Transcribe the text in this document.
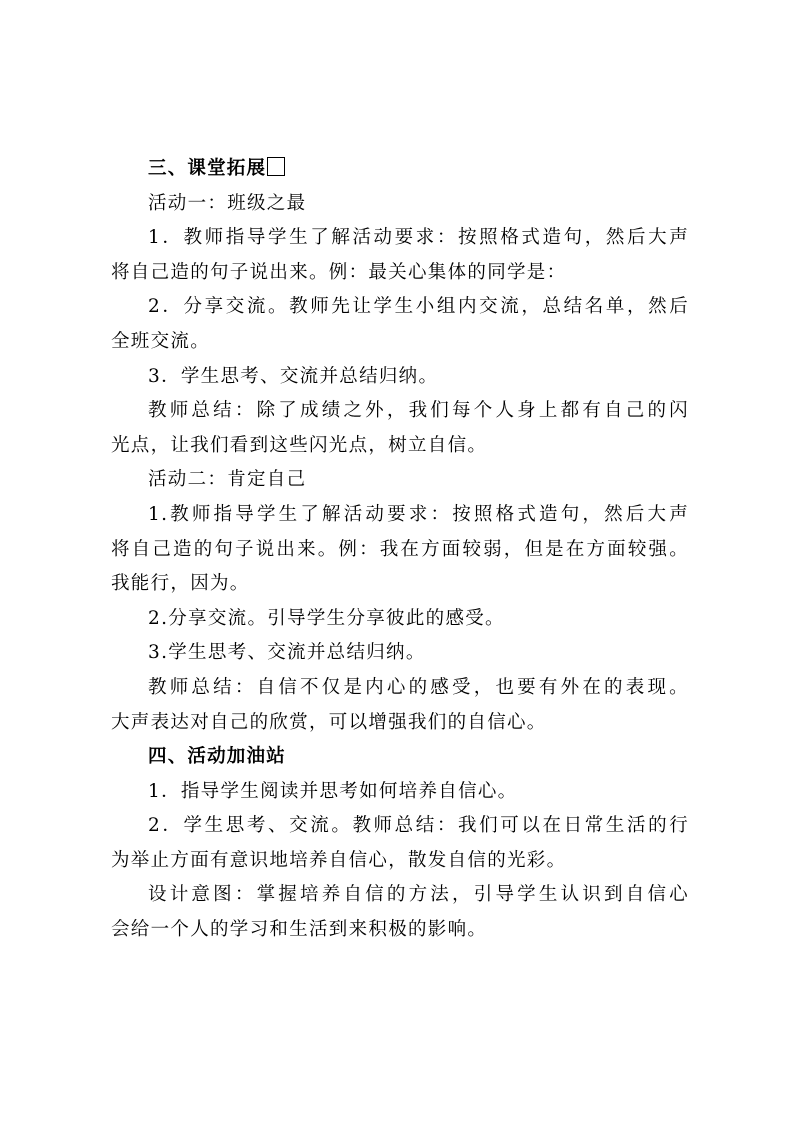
三、课堂拓展

活动一：班级之最

1．教师指导学生了解活动要求：按照格式造句，然后大声

将自己造的句子说出来。例：最关心集体的同学是：

2．分享交流。教师先让学生小组内交流，总结名单，然后

全班交流。

3．学生思考、交流并总结归纳。

教师总结：除了成绩之外，我们每个人身上都有自己的闪

光点，让我们看到这些闪光点，树立自信。

活动二：肯定自己

1.教师指导学生了解活动要求：按照格式造句，然后大声

将自己造的句子说出来。例：我在方面较弱，但是在方面较强。

我能行，因为。

2.分享交流。引导学生分享彼此的感受。

3.学生思考、交流并总结归纳。

教师总结：自信不仅是内心的感受，也要有外在的表现。

大声表达对自己的欣赏，可以增强我们的自信心。

四、活动加油站

1．指导学生阅读并思考如何培养自信心。

2．学生思考、交流。教师总结：我们可以在日常生活的行

为举止方面有意识地培养自信心，散发自信的光彩。

设计意图：掌握培养自信的方法，引导学生认识到自信心

会给一个人的学习和生活到来积极的影响。
